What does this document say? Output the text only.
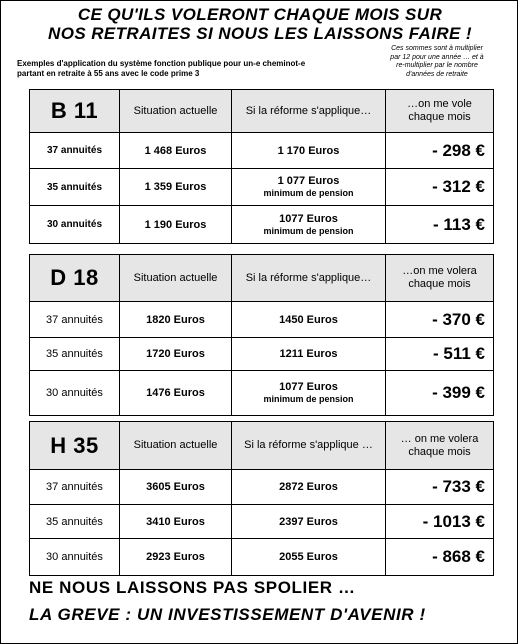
CE QU'ILS VOLERONT CHAQUE MOIS SUR
NOS RETRAITES SI NOUS LES LAISSONS FAIRE !
Exemples d'application du système fonction publique pour un-e cheminot-e
partant en retraite à 55 ans avec le code prime 3
Ces sommes sont à multiplier
par 12 pour une année … et à
re-multiplier par le nombre
d'années de retraite
B 11	Situation actuelle	Si la réforme s'applique…	…on me vole
chaque mois

37 annuités	1 468 Euros	1 170 Euros	- 298 €
35 annuités	1 359 Euros	1 077 Euros
minimum de pension	- 312 €
30 annuités	1 190 Euros	1077 Euros
minimum de pension	- 113 €
D 18	Situation actuelle	Si la réforme s'applique…	…on me volera
chaque mois

37 annuités	1820 Euros	1450 Euros	- 370 €
35 annuités	1720 Euros	1211 Euros	- 511 €
30 annuités	1476 Euros	1077 Euros
minimum de pension	- 399 €
H 35	Situation actuelle	Si la réforme s'applique …	… on me volera
chaque mois

37 annuités	3605 Euros	2872 Euros	- 733 €
35 annuités	3410 Euros	2397 Euros	- 1013 €
30 annuités	2923 Euros	2055 Euros	- 868 €
NE NOUS LAISSONS PAS SPOLIER …
LA GREVE : UN INVESTISSEMENT D'AVENIR !
